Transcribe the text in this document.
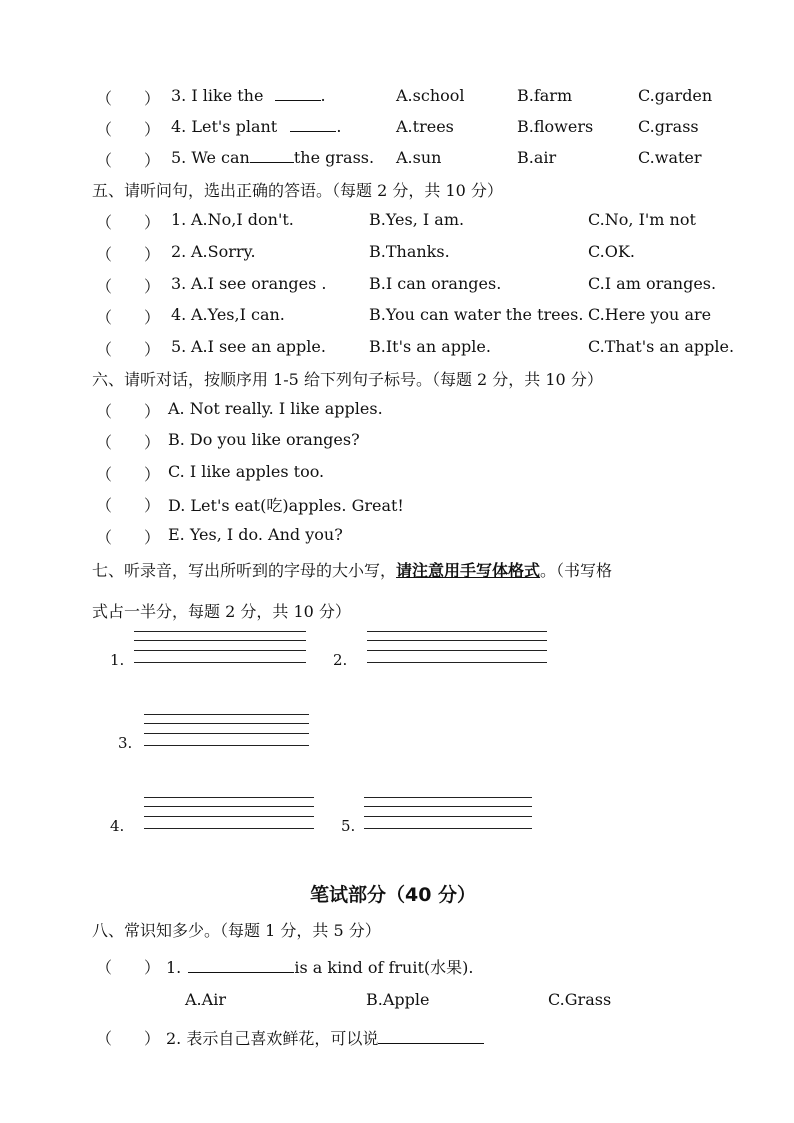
（　　） 3. I like the	.	A.school	B.farm	C.garden
（　　） 4. Let's plant	.	A.trees	B.flowers	C.grass
（　　） 5. We can	the grass. A.sun	B.air	C.water
五、请听问句，选出正确的答语。（每题 2 分，共 10 分）
（　　） 1. A.No,I don't.	B.Yes, I am.	C.No, I'm not
（　　） 2. A.Sorry.	B.Thanks.	C.OK.
（　　） 3. A.I see oranges .	B.I can oranges.	C.I am oranges.
（　　） 4. A.Yes,I can.	B.You can water the trees. C.Here you are
（　　） 5. A.I see an apple.	B.It's an apple.	C.That's an apple.
六、请听对话，按顺序用 1-5 给下列句子标号。（每题 2 分，共 10 分）
（　　） A. Not really. I like apples.
（　　） B. Do you like oranges?
（　　） C. I like apples too.
（　　） D. Let's eat(吃)apples. Great!
（　　） E. Yes, I do. And you?
七、听录音，写出所听到的字母的大小写，请注意用手写体格式。（书写格
式占一半分，每题 2 分，共 10 分）
1.	2.
3.
4.	5.
笔试部分（40 分）
八、常识知多少。（每题 1 分，共 5 分）
（　　） 1.	is a kind of fruit(水果).
A.Air	B.Apple	C.Grass
（　　） 2. 表示自己喜欢鲜花，可以说
